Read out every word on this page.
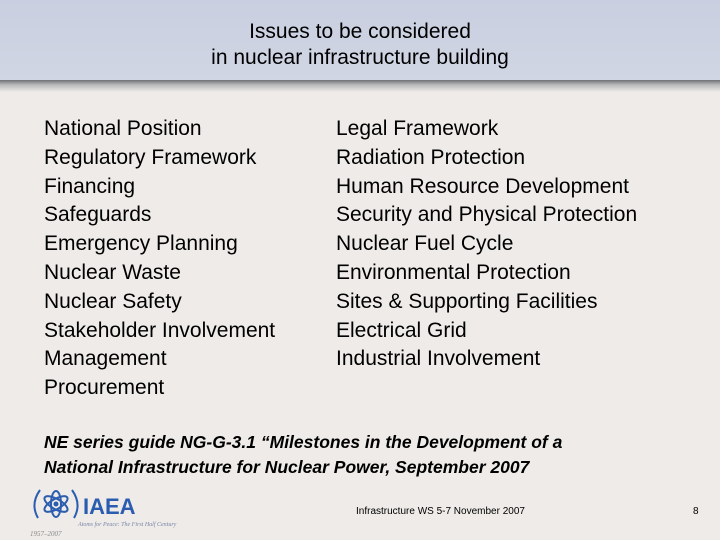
Issues to be considered
in nuclear infrastructure building
National Position
Regulatory Framework
Financing
Safeguards
Emergency Planning
Nuclear Waste
Nuclear Safety
Stakeholder Involvement
Management
Procurement
Legal Framework
Radiation Protection
Human Resource Development
Security and Physical Protection
Nuclear Fuel Cycle
Environmental Protection
Sites & Supporting Facilities
Electrical Grid
Industrial Involvement
NE series guide NG-G-3.1 “Milestones in the Development of a
National Infrastructure for Nuclear Power, September 2007
IAEA
Atoms for Peace: The First Half Century
1957–2007
Infrastructure WS 5-7 November 2007	8
